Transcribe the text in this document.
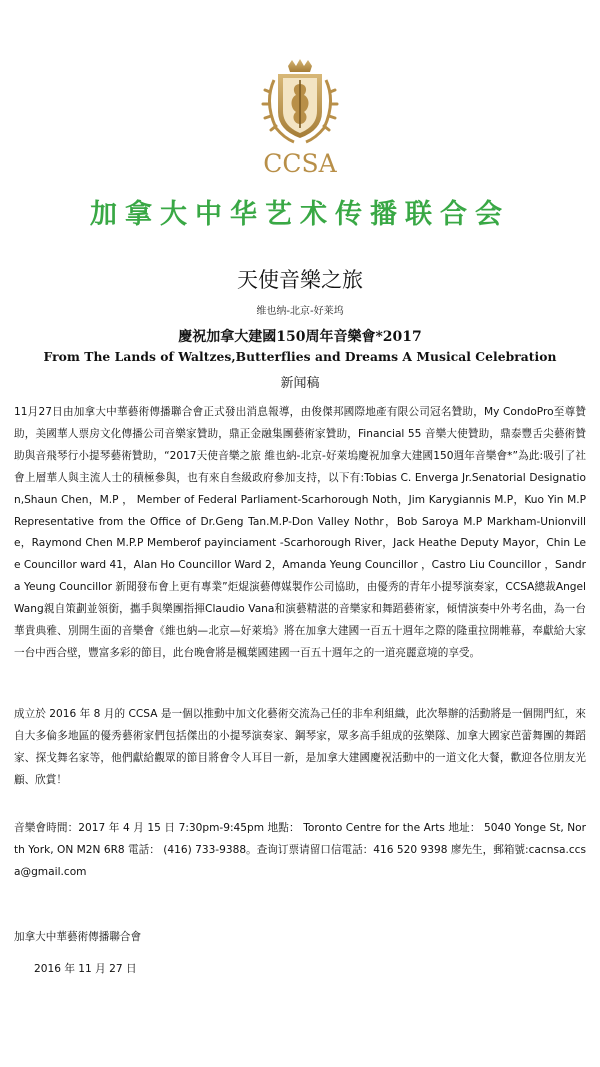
CCSA
加拿大中华艺术传播联合会
天使音樂之旅
维也纳-北京-好莱坞
慶祝加拿大建國150周年音樂會*2017
From The Lands of Waltzes,Butterflies and Dreams A Musical Celebration
新闻稿

11月27日由加拿大中華藝術傳播聯合會正式發出消息報導，由俊傑邦國際地產有限公司冠名贊助，My CondoPro至尊贊助，美國華人票房文化傳播公司音樂家贊助，鼎正金融集團藝術家贊助，Financial 55 音樂大使贊助，鼎泰豐舌尖藝術贊助與音飛琴行小提琴藝術贊助，“2017天使音樂之旅 維也納-北京-好萊塢慶祝加拿大建國150週年音樂會*”為此:吸引了社會上層華人與主流人士的積極參與，也有來自叁級政府參加支持，以下有:Tobias C. Enverga Jr.Senatorial Designation,Shaun Chen，M.P ， Member of Federal Parliament-Scarhorough Noth，Jim Karygiannis M.P，Kuo Yin M.P Representative from the Office of Dr.Geng Tan.M.P-Don Valley Nothr，Bob Saroya M.P Markham-Unionville，Raymond Chen M.P.P Memberof payinciament -Scarhorough River，Jack Heathe Deputy Mayor，Chin Lee Councillor ward 41，Alan Ho Councillor Ward 2，Amanda Yeung Councillor ，Castro Liu Councillor ，Sandra Yeung Councillor 新聞發布會上更有專業”炬焜演藝傳媒製作公司協助，由優秀的青年小提琴演奏家，CCSA總裁Angel Wang親自策劃並領銜，攜手與樂團指揮Claudio Vana和演藝精湛的音樂家和舞蹈藝術家，傾情演奏中外考名曲，為一台華貴典雅、別開生面的音樂會《維也納—北京—好萊塢》將在加拿大建國一百五十週年之際的隆重拉開帷幕，奉獻給大家一台中西合壁，豐富多彩的節目，此台晚會將是楓葉國建國一百五十週年之的一道亮麗意境的享受。

成立於 2016 年 8 月的 CCSA 是一個以推動中加文化藝術交流為己任的非牟利組織，此次舉辦的活動將是一個開門紅，來自大多倫多地區的優秀藝術家們包括傑出的小提琴演奏家、鋼琴家，眾多高手組成的弦樂隊、加拿大國家芭蕾舞團的舞蹈家、探戈舞名家等，他們獻給觀眾的節目將會令人耳目一新，是加拿大建國慶祝活動中的一道文化大餐，歡迎各位朋友光顧、欣賞！

音樂會時間：2017 年 4 月 15 日 7:30pm-9:45pm 地點： Toronto Centre for the Arts 地址： 5040 Yonge St, North York, ON M2N 6R8 電話： (416) 733-9388。查询订票请留口信電話：416 520 9398 廖先生，郵箱號:cacnsa.ccsa@gmail.com

加拿大中華藝術傳播聯合會
2016 年 11 月 27 日
